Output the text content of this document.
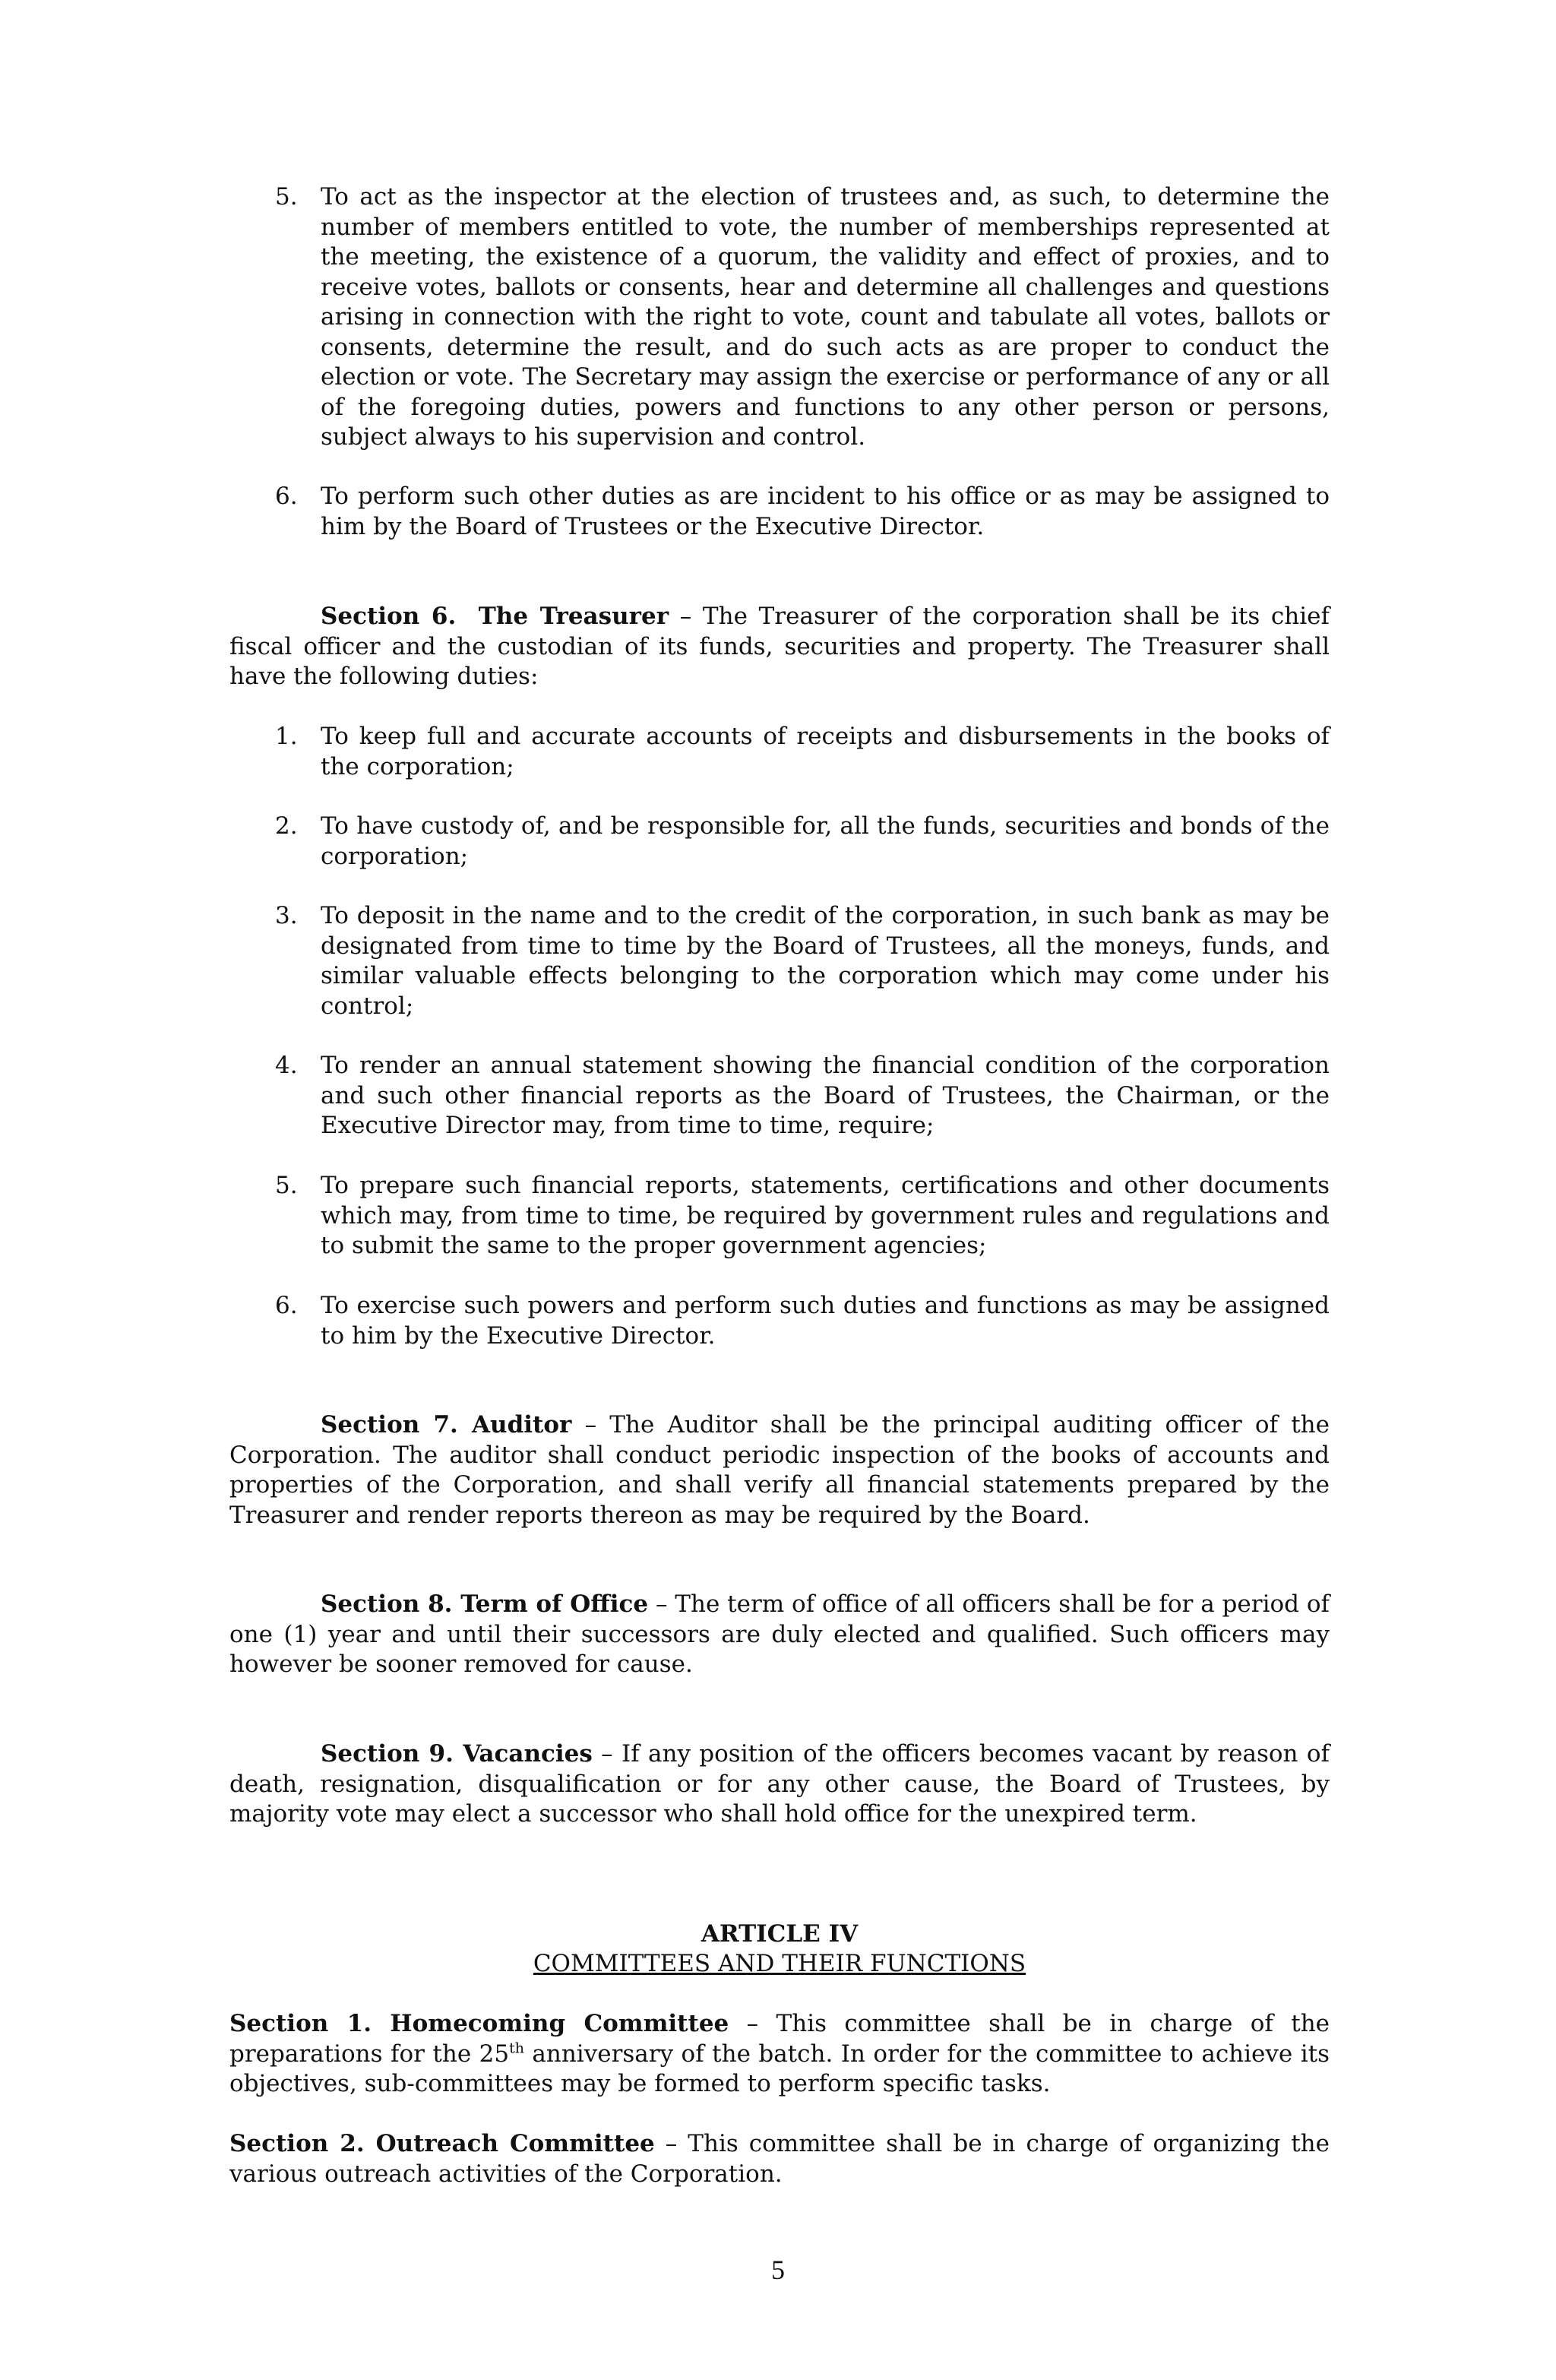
5. To act as the inspector at the election of trustees and, as such, to determine the number of members entitled to vote, the number of memberships represented at the meeting, the existence of a quorum, the validity and effect of proxies, and to receive votes, ballots or consents, hear and determine all challenges and questions arising in connection with the right to vote, count and tabulate all votes, ballots or consents, determine the result, and do such acts as are proper to conduct the election or vote. The Secretary may assign the exercise or performance of any or all of the foregoing duties, powers and functions to any other person or persons, subject always to his supervision and control.
6. To perform such other duties as are incident to his office or as may be assigned to him by the Board of Trustees or the Executive Director.
Section 6. The Treasurer – The Treasurer of the corporation shall be its chief fiscal officer and the custodian of its funds, securities and property. The Treasurer shall have the following duties:
1. To keep full and accurate accounts of receipts and disbursements in the books of the corporation;
2. To have custody of, and be responsible for, all the funds, securities and bonds of the corporation;
3. To deposit in the name and to the credit of the corporation, in such bank as may be designated from time to time by the Board of Trustees, all the moneys, funds, and similar valuable effects belonging to the corporation which may come under his control;
4. To render an annual statement showing the financial condition of the corporation and such other financial reports as the Board of Trustees, the Chairman, or the Executive Director may, from time to time, require;
5. To prepare such financial reports, statements, certifications and other documents which may, from time to time, be required by government rules and regulations and to submit the same to the proper government agencies;
6. To exercise such powers and perform such duties and functions as may be assigned to him by the Executive Director.
Section 7. Auditor – The Auditor shall be the principal auditing officer of the Corporation. The auditor shall conduct periodic inspection of the books of accounts and properties of the Corporation, and shall verify all financial statements prepared by the Treasurer and render reports thereon as may be required by the Board.
Section 8. Term of Office – The term of office of all officers shall be for a period of one (1) year and until their successors are duly elected and qualified. Such officers may however be sooner removed for cause.
Section 9. Vacancies – If any position of the officers becomes vacant by reason of death, resignation, disqualification or for any other cause, the Board of Trustees, by majority vote may elect a successor who shall hold office for the unexpired term.
ARTICLE IV
COMMITTEES AND THEIR FUNCTIONS
Section 1. Homecoming Committee – This committee shall be in charge of the preparations for the 25th anniversary of the batch. In order for the committee to achieve its objectives, sub-committees may be formed to perform specific tasks.
Section 2. Outreach Committee – This committee shall be in charge of organizing the various outreach activities of the Corporation.
5
